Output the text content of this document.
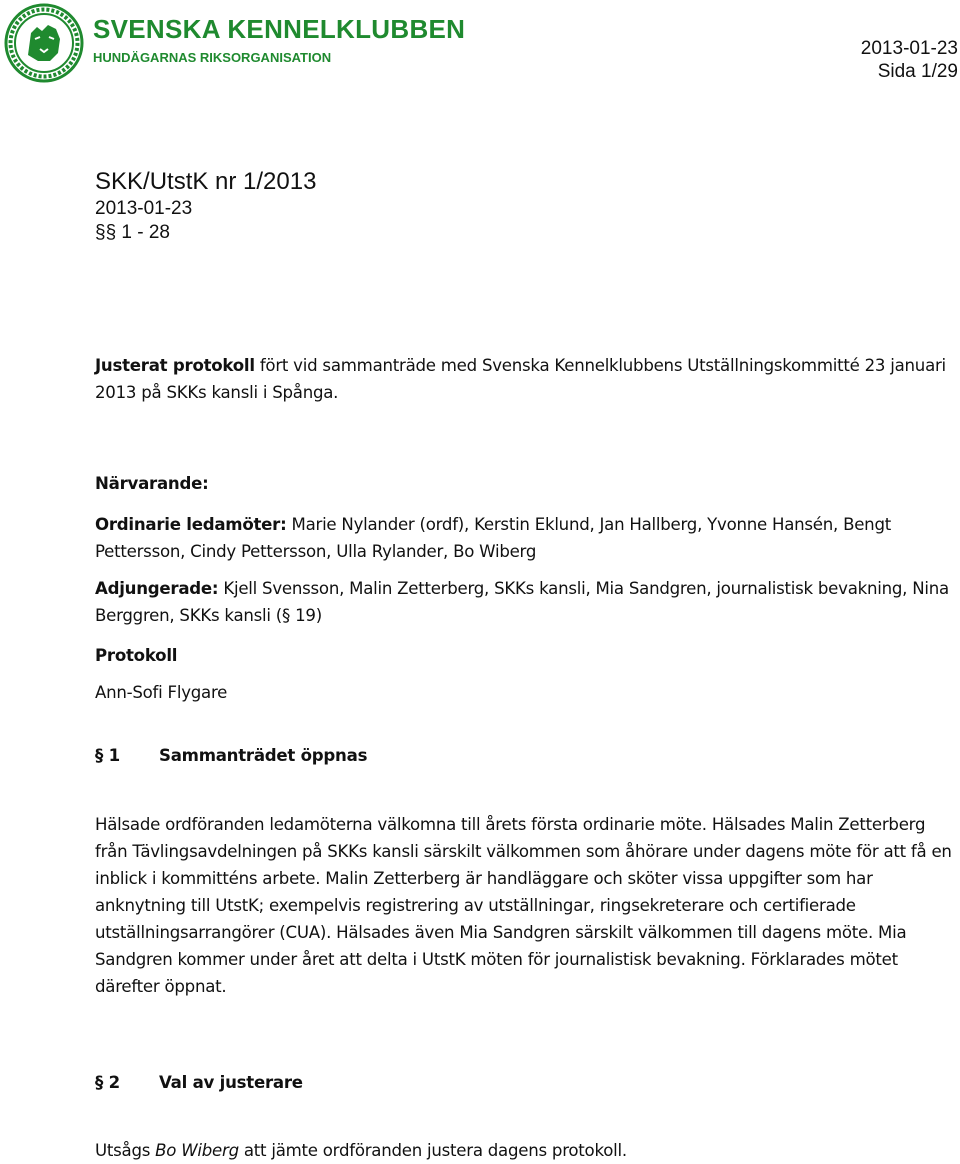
SVENSKA KENNELKLUBBEN
HUNDÄGARNAS RIKSORGANISATION	2013-01-23
Sida 1/29
SKK/UtstK nr 1/2013
2013-01-23
§§ 1 - 28
Justerat protokoll fört vid sammanträde med Svenska Kennelklubbens Utställningskommitté 23 januari 2013 på SKKs kansli i Spånga.
Närvarande:
Ordinarie ledamöter: Marie Nylander (ordf), Kerstin Eklund, Jan Hallberg, Yvonne Hansén, Bengt Pettersson, Cindy Pettersson, Ulla Rylander, Bo Wiberg
Adjungerade: Kjell Svensson, Malin Zetterberg, SKKs kansli, Mia Sandgren, journalistisk bevakning, Nina Berggren, SKKs kansli (§ 19)
Protokoll
Ann-Sofi Flygare
§ 1 Sammanträdet öppnas
Hälsade ordföranden ledamöterna välkomna till årets första ordinarie möte. Hälsades Malin Zetterberg från Tävlingsavdelningen på SKKs kansli särskilt välkommen som åhörare under dagens möte för att få en inblick i kommitténs arbete. Malin Zetterberg är handläggare och sköter vissa uppgifter som har anknytning till UtstK; exempelvis registrering av utställningar, ringsekreterare och certifierade utställningsarrangörer (CUA). Hälsades även Mia Sandgren särskilt välkommen till dagens möte. Mia Sandgren kommer under året att delta i UtstK möten för journalistisk bevakning. Förklarades mötet därefter öppnat.
§ 2 Val av justerare
Utsågs Bo Wiberg att jämte ordföranden justera dagens protokoll.
